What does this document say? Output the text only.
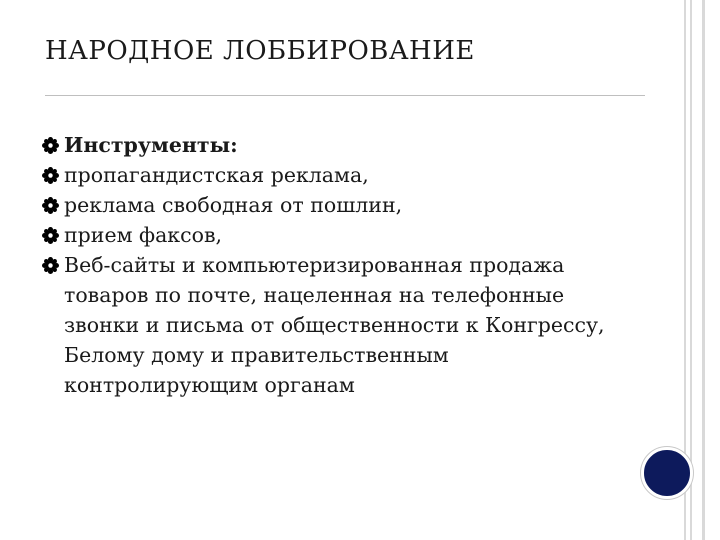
НАРОДНОЕ ЛОББИРОВАНИЕ
Инструменты:
пропагандистская реклама,
реклама свободная от пошлин,
прием факсов,
Веб-сайты и компьютеризированная продажа товаров по почте, нацеленная на телефонные звонки и письма от общественности к Конгрессу, Белому дому и правительственным контролирующим органам
